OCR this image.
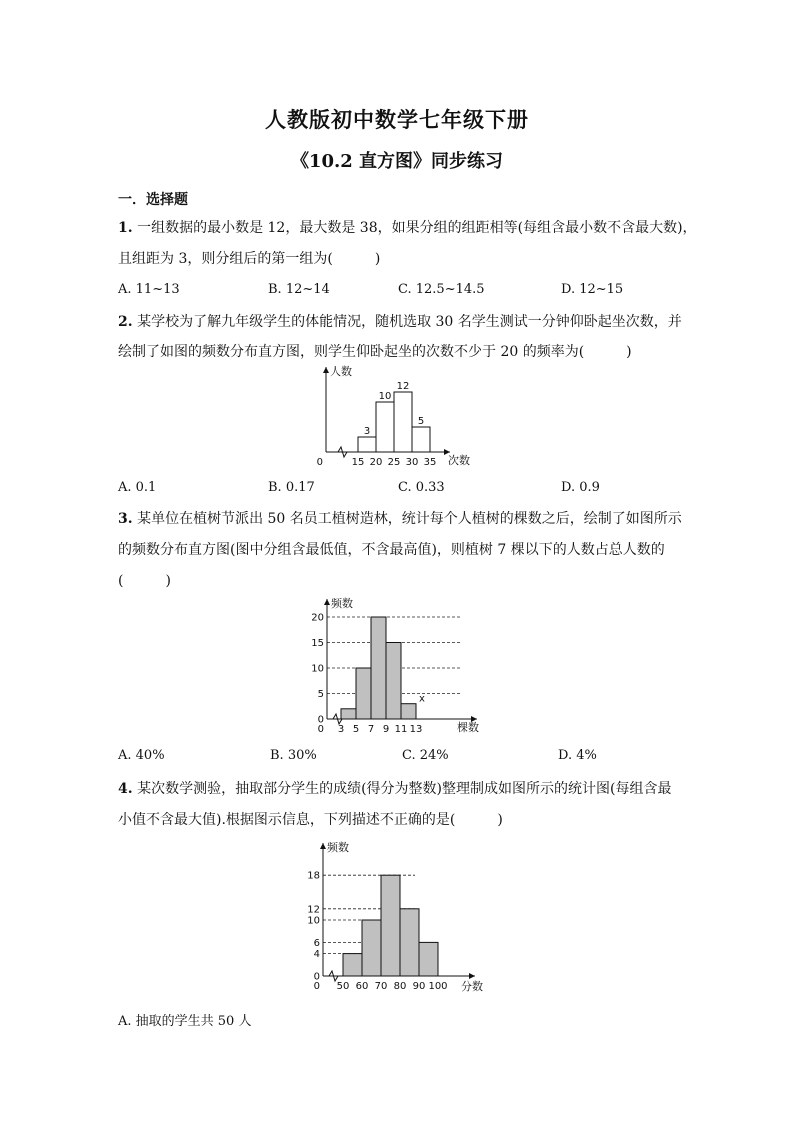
人教版初中数学七年级下册
《10.2 直方图》同步练习
一．选择题
1. 一组数据的最小数是 12，最大数是 38，如果分组的组距相等(每组含最小数不含最大数)，
且组距为 3，则分组后的第一组为(　　　)
A. 11~13	B. 12~14	C. 12.5~14.5	D. 12~15
2. 某学校为了解九年级学生的体能情况，随机选取 30 名学生测试一分钟仰卧起坐次数，并
绘制了如图的频数分布直方图，则学生仰卧起坐的次数不少于 20 的频率为(　　　)
3
10
12
5
0	15 20 25 30 35
人数
次数
A. 0.1	B. 0.17	C. 0.33	D. 0.9
3. 某单位在植树节派出 50 名员工植树造林，统计每个人植树的棵数之后，绘制了如图所示
的频数分布直方图(图中分组含最低值，不含最高值)，则植树 7 棵以下的人数占总人数的
(　　　)
0
5
10
15
20
0 3 5 7 9 11 13
频数
棵数
x
A. 40%	B. 30%	C. 24%	D. 4%
4. 某次数学测验，抽取部分学生的成绩(得分为整数)整理制成如图所示的统计图(每组含最
小值不含最大值).根据图示信息，下列描述不正确的是(　　　)
0
4
6
10
12
18
0 50 60 70 80 90 100
频数
分数
A. 抽取的学生共 50 人
